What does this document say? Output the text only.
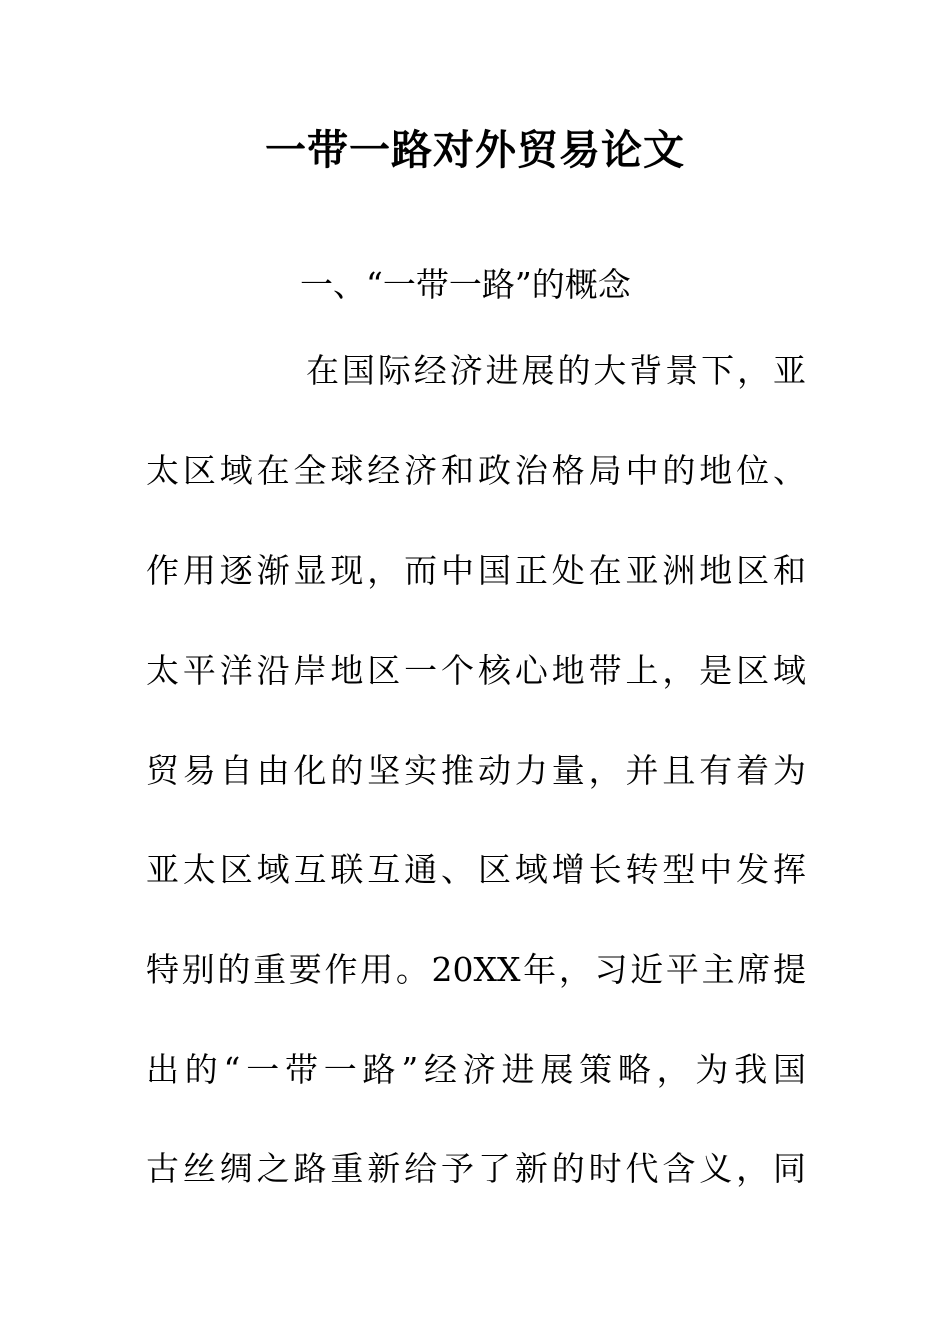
一带一路对外贸易论文
一、“一带一路”的概念
在国际经济进展的大背景下，亚
太区域在全球经济和政治格局中的地位、
作用逐渐显现，而中国正处在亚洲地区和
太平洋沿岸地区一个核心地带上，是区域
贸易自由化的坚实推动力量，并且有着为
亚太区域互联互通、区域增长转型中发挥
特别的重要作用。20XX年，习近平主席提
出的“一带一路”经济进展策略，为我国
古丝绸之路重新给予了新的时代含义，同
